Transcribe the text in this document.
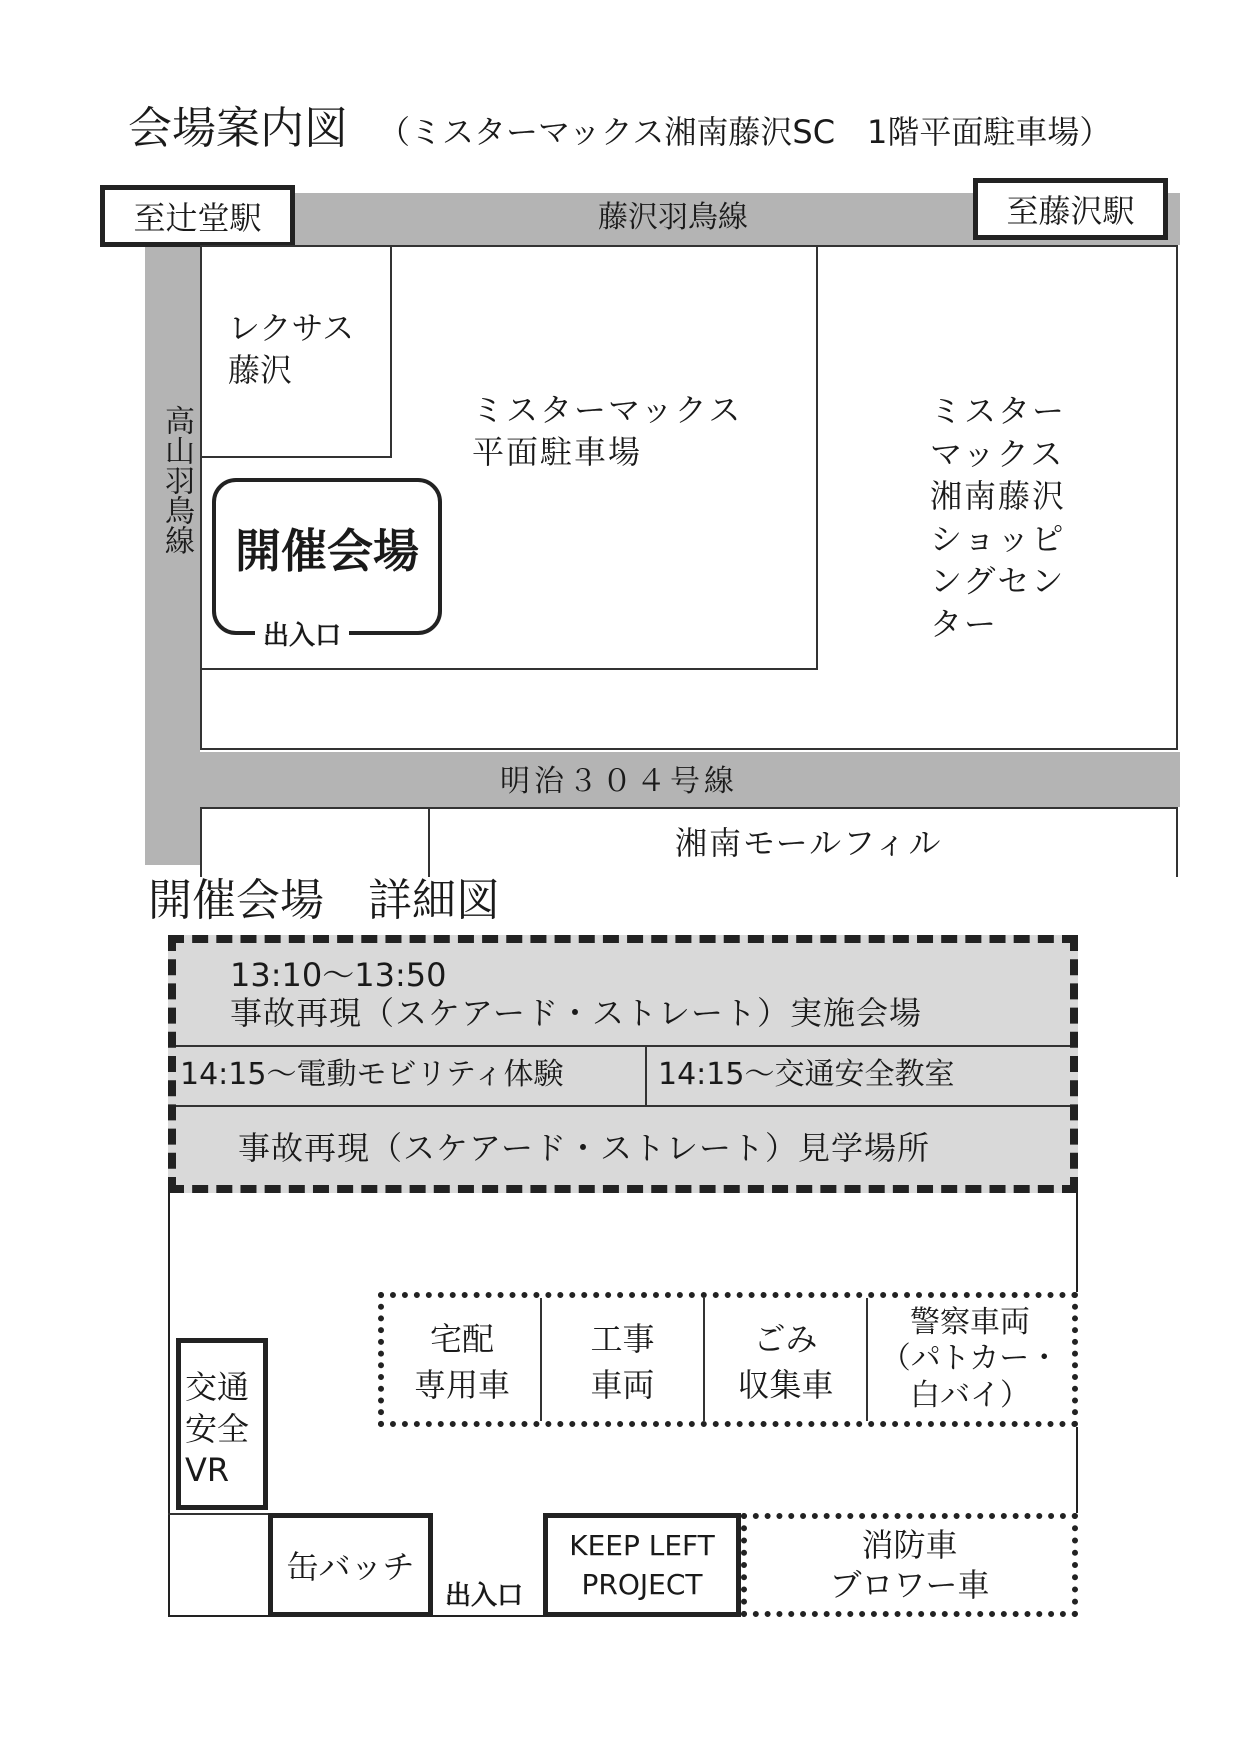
会場案内図 （ミスターマックス湘南藤沢SC　1階平面駐車場）
藤沢羽鳥線
明治３０４号線
高山羽鳥線
至辻堂駅	至藤沢駅
レクサス
藤沢
ミスターマックス
平面駐車場
ミスター
マックス
湘南藤沢
ショッピ
ングセン
ター
開催会場
出入口
湘南モールフィル
開催会場　詳細図
13:10〜13:50
事故再現（スケアード・ストレート）実施会場
14:15〜電動モビリティ体験	14:15〜交通安全教室
事故再現（スケアード・ストレート）見学場所
宅配
専用車
工事
車両
ごみ
収集車
警察車両
（パトカー・
白バイ）
交通
安全
VR
缶バッチ
出入口
KEEP LEFT
PROJECT
消防車
ブロワー車
